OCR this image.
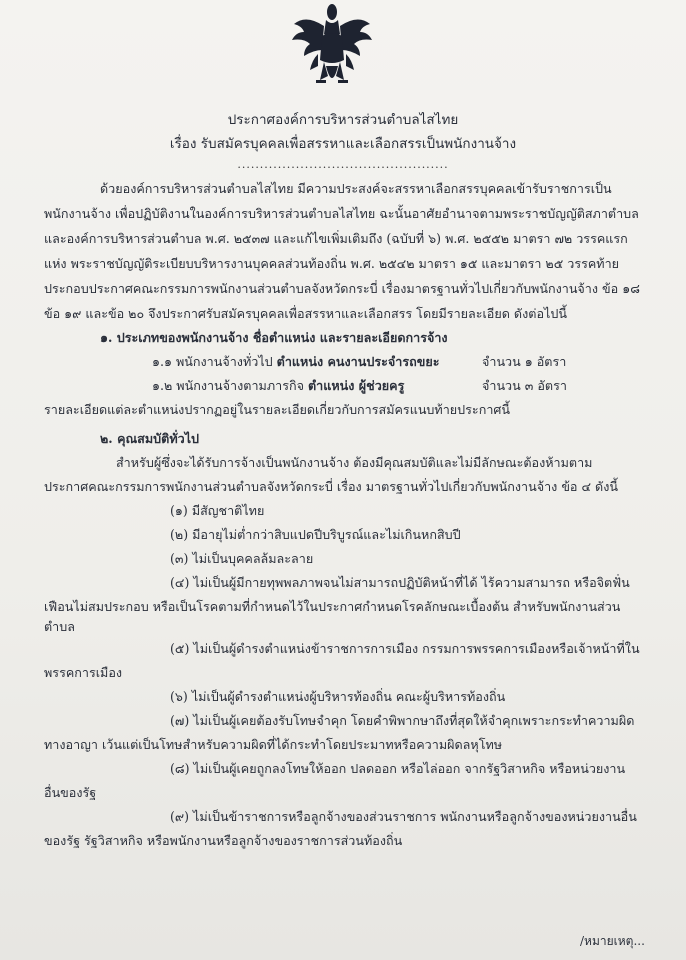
ประกาศองค์การบริหารส่วนตำบลไสไทย
เรื่อง รับสมัครบุคคลเพื่อสรรหาและเลือกสรรเป็นพนักงานจ้าง
...............................................
ด้วยองค์การบริหารส่วนตำบลไสไทย มีความประสงค์จะสรรหาเลือกสรรบุคคลเข้ารับราชการเป็น
พนักงานจ้าง เพื่อปฏิบัติงานในองค์การบริหารส่วนตำบลไสไทย ฉะนั้นอาศัยอำนาจตามพระราชบัญญัติสภาตำบล
และองค์การบริหารส่วนตำบล พ.ศ. ๒๕๓๗ และแก้ไขเพิ่มเติมถึง (ฉบับที่ ๖) พ.ศ. ๒๕๕๒ มาตรา ๗๒ วรรคแรก
แห่ง พระราชบัญญัติระเบียบบริหารงานบุคคลส่วนท้องถิ่น พ.ศ. ๒๕๔๒ มาตรา ๑๕ และมาตรา ๒๕ วรรคท้าย
ประกอบประกาศคณะกรรมการพนักงานส่วนตำบลจังหวัดกระบี่ เรื่องมาตรฐานทั่วไปเกี่ยวกับพนักงานจ้าง ข้อ ๑๘
ข้อ ๑๙ และข้อ ๒๐ จึงประกาศรับสมัครบุคคลเพื่อสรรหาและเลือกสรร โดยมีรายละเอียด ดังต่อไปนี้
๑. ประเภทของพนักงานจ้าง ชื่อตำแหน่ง และรายละเอียดการจ้าง
๑.๑ พนักงานจ้างทั่วไป ตำแหน่ง คนงานประจำรถขยะ	จำนวน ๑ อัตรา
๑.๒ พนักงานจ้างตามภารกิจ ตำแหน่ง ผู้ช่วยครู	จำนวน ๓ อัตรา
รายละเอียดแต่ละตำแหน่งปรากฏอยู่ในรายละเอียดเกี่ยวกับการสมัครแนบท้ายประกาศนี้
๒. คุณสมบัติทั่วไป
สำหรับผู้ซึ่งจะได้รับการจ้างเป็นพนักงานจ้าง ต้องมีคุณสมบัติและไม่มีลักษณะต้องห้ามตาม
ประกาศคณะกรรมการพนักงานส่วนตำบลจังหวัดกระบี่ เรื่อง มาตรฐานทั่วไปเกี่ยวกับพนักงานจ้าง ข้อ ๔ ดังนี้
(๑) มีสัญชาติไทย
(๒) มีอายุไม่ต่ำกว่าสิบแปดปีบริบูรณ์และไม่เกินหกสิบปี
(๓) ไม่เป็นบุคคลล้มละลาย
(๔) ไม่เป็นผู้มีกายทุพพลภาพจนไม่สามารถปฏิบัติหน้าที่ได้ ไร้ความสามารถ หรือจิตฟั่น
เฟือนไม่สมประกอบ หรือเป็นโรคตามที่กำหนดไว้ในประกาศกำหนดโรคลักษณะเบื้องต้น สำหรับพนักงานส่วน
ตำบล
(๕) ไม่เป็นผู้ดำรงตำแหน่งข้าราชการการเมือง กรรมการพรรคการเมืองหรือเจ้าหน้าที่ใน
พรรคการเมือง
(๖) ไม่เป็นผู้ดำรงตำแหน่งผู้บริหารท้องถิ่น คณะผู้บริหารท้องถิ่น
(๗) ไม่เป็นผู้เคยต้องรับโทษจำคุก โดยคำพิพากษาถึงที่สุดให้จำคุกเพราะกระทำความผิด
ทางอาญา เว้นแต่เป็นโทษสำหรับความผิดที่ได้กระทำโดยประมาทหรือความผิดลหุโทษ
(๘) ไม่เป็นผู้เคยถูกลงโทษให้ออก ปลดออก หรือไล่ออก จากรัฐวิสาหกิจ หรือหน่วยงาน
อื่นของรัฐ
(๙) ไม่เป็นข้าราชการหรือลูกจ้างของส่วนราชการ พนักงานหรือลูกจ้างของหน่วยงานอื่น
ของรัฐ รัฐวิสาหกิจ หรือพนักงานหรือลูกจ้างของราชการส่วนท้องถิ่น
/หมายเหตุ...
